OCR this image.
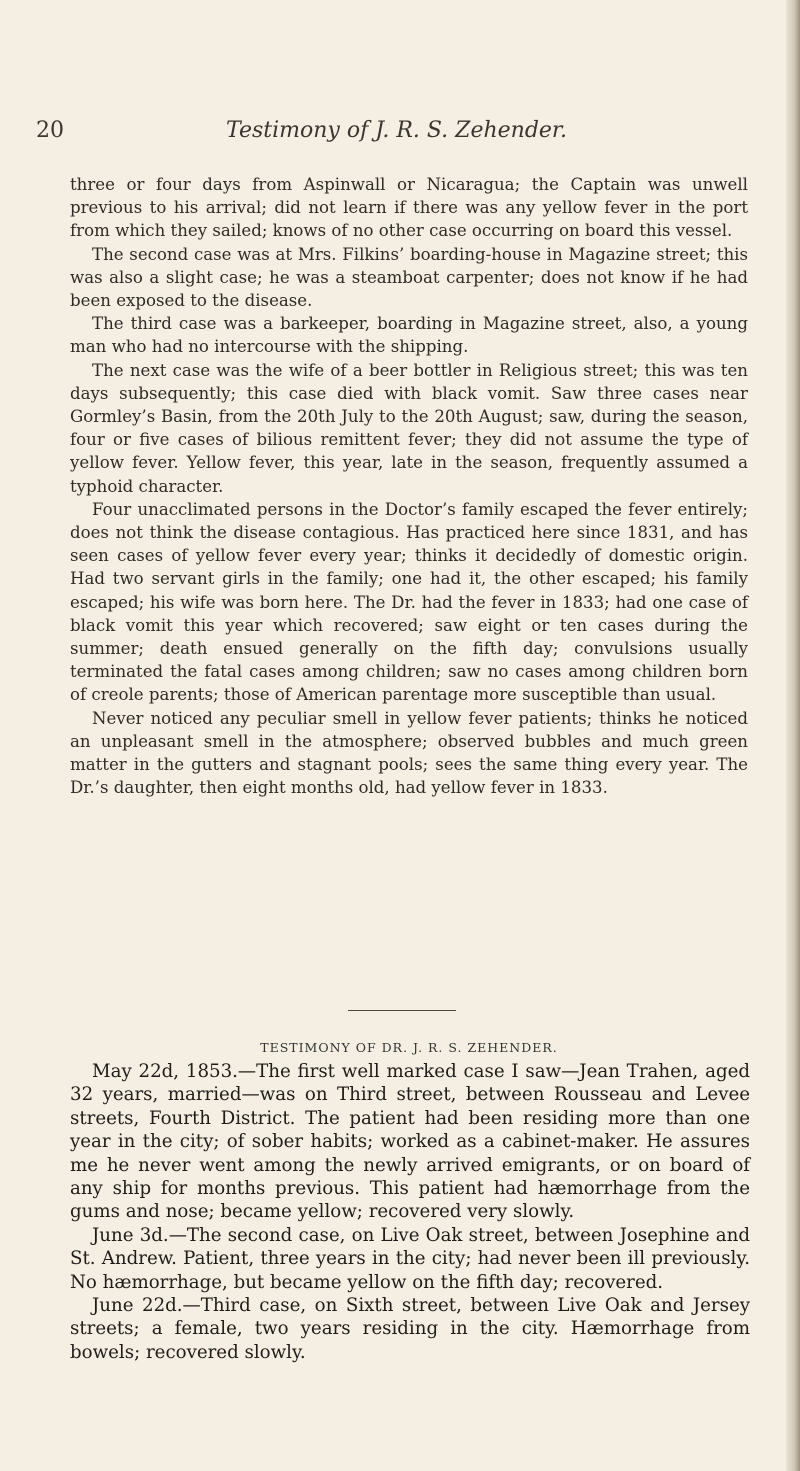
20	Testimony of J. R. S. Zehender.

three or four days from Aspinwall or Nicaragua; the Captain was unwell previous to his arrival; did not learn if there was any yellow fever in the port from which they sailed; knows of no other case occurring on board this vessel.

The second case was at Mrs. Filkins’ boarding-house in Magazine street; this was also a slight case; he was a steamboat carpenter; does not know if he had been exposed to the disease.

The third case was a barkeeper, boarding in Magazine street, also, a young man who had no intercourse with the shipping.

The next case was the wife of a beer bottler in Religious street; this was ten days subsequently; this case died with black vomit. Saw three cases near Gormley’s Basin, from the 20th July to the 20th August; saw, during the season, four or five cases of bilious remittent fever; they did not assume the type of yellow fever. Yellow fever, this year, late in the season, frequently assumed a typhoid character.

Four unacclimated persons in the Doctor’s family escaped the fever entirely; does not think the disease contagious. Has practiced here since 1831, and has seen cases of yellow fever every year; thinks it decidedly of domestic origin. Had two servant girls in the family; one had it, the other escaped; his family escaped; his wife was born here. The Dr. had the fever in 1833; had one case of black vomit this year which recovered; saw eight or ten cases during the summer; death ensued generally on the fifth day; convulsions usually terminated the fatal cases among children; saw no cases among children born of creole parents; those of American parentage more susceptible than usual.

Never noticed any peculiar smell in yellow fever patients; thinks he noticed an unpleasant smell in the atmosphere; observed bubbles and much green matter in the gutters and stagnant pools; sees the same thing every year. The Dr.’s daughter, then eight months old, had yellow fever in 1833.

TESTIMONY OF DR. J. R. S. ZEHENDER.

May 22d, 1853.—The first well marked case I saw—Jean Trahen, aged 32 years, married—was on Third street, between Rousseau and Levee streets, Fourth District. The patient had been residing more than one year in the city; of sober habits; worked as a cabinet-maker. He assures me he never went among the newly arrived emigrants, or on board of any ship for months previous. This patient had hæmorrhage from the gums and nose; became yellow; recovered very slowly.

June 3d.—The second case, on Live Oak street, between Josephine and St. Andrew. Patient, three years in the city; had never been ill previously. No hæmorrhage, but became yellow on the fifth day; recovered.

June 22d.—Third case, on Sixth street, between Live Oak and Jersey streets; a female, two years residing in the city. Hæmorrhage from bowels; recovered slowly.
